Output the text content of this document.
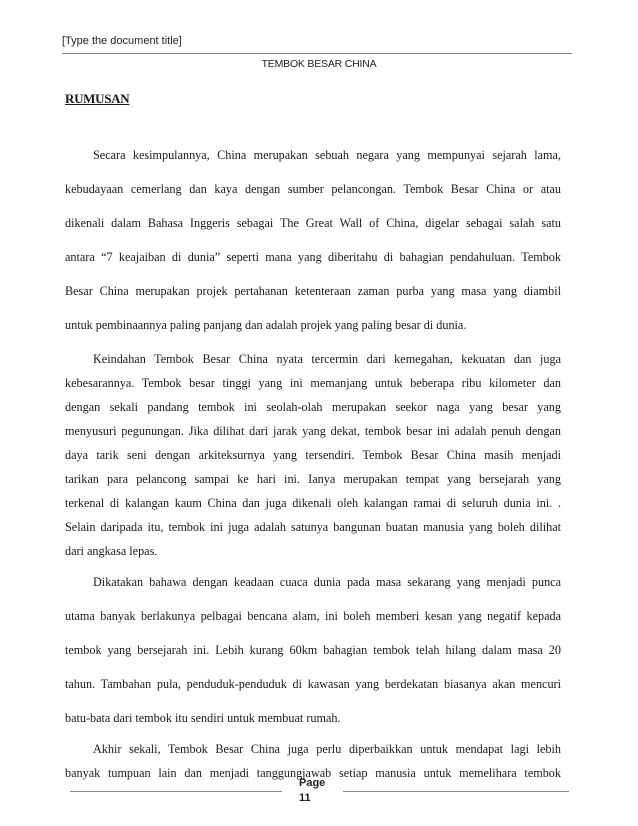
[Type the document title]
TEMBOK BESAR CHINA
RUMUSAN
Secara kesimpulannya, China merupakan sebuah negara yang mempunyai sejarah lama,
kebudayaan cemerlang dan kaya dengan sumber pelancongan. Tembok Besar China or atau
dikenali dalam Bahasa Inggeris sebagai The Great Wall of China, digelar sebagai salah satu
antara “7 keajaiban di dunia” seperti mana yang diberitahu di bahagian pendahuluan. Tembok
Besar China merupakan projek pertahanan ketenteraan zaman purba yang masa yang diambil
untuk pembinaannya paling panjang dan adalah projek yang paling besar di dunia.
Keindahan Tembok Besar China nyata tercermin dari kemegahan, kekuatan dan juga
kebesarannya. Tembok besar tinggi yang ini memanjang untuk beberapa ribu kilometer dan
dengan sekali pandang tembok ini seolah-olah merupakan seekor naga yang besar yang
menyusuri pegunungan. Jika dilihat dari jarak yang dekat, tembok besar ini adalah penuh dengan
daya tarik seni dengan arkiteksurnya yang tersendiri. Tembok Besar China masih menjadi
tarikan para pelancong sampai ke hari ini. Ianya merupakan tempat yang bersejarah yang
terkenal di kalangan kaum China dan juga dikenali oleh kalangan ramai di seluruh dunia ini. .
Selain daripada itu, tembok ini juga adalah satunya bangunan buatan manusia yang boleh dilihat
dari angkasa lepas.
Dikatakan bahawa dengan keadaan cuaca dunia pada masa sekarang yang menjadi punca
utama banyak berlakunya pelbagai bencana alam, ini boleh memberi kesan yang negatif kepada
tembok yang bersejarah ini. Lebih kurang 60km bahagian tembok telah hilang dalam masa 20
tahun. Tambahan pula, penduduk-penduduk di kawasan yang berdekatan biasanya akan mencuri
batu-bata dari tembok itu sendiri untuk membuat rumah.
Akhir sekali, Tembok Besar China juga perlu diperbaikkan untuk mendapat lagi lebih
banyak tumpuan lain dan menjadi tanggungjawab setiap manusia untuk memelihara tembok
Page
11
